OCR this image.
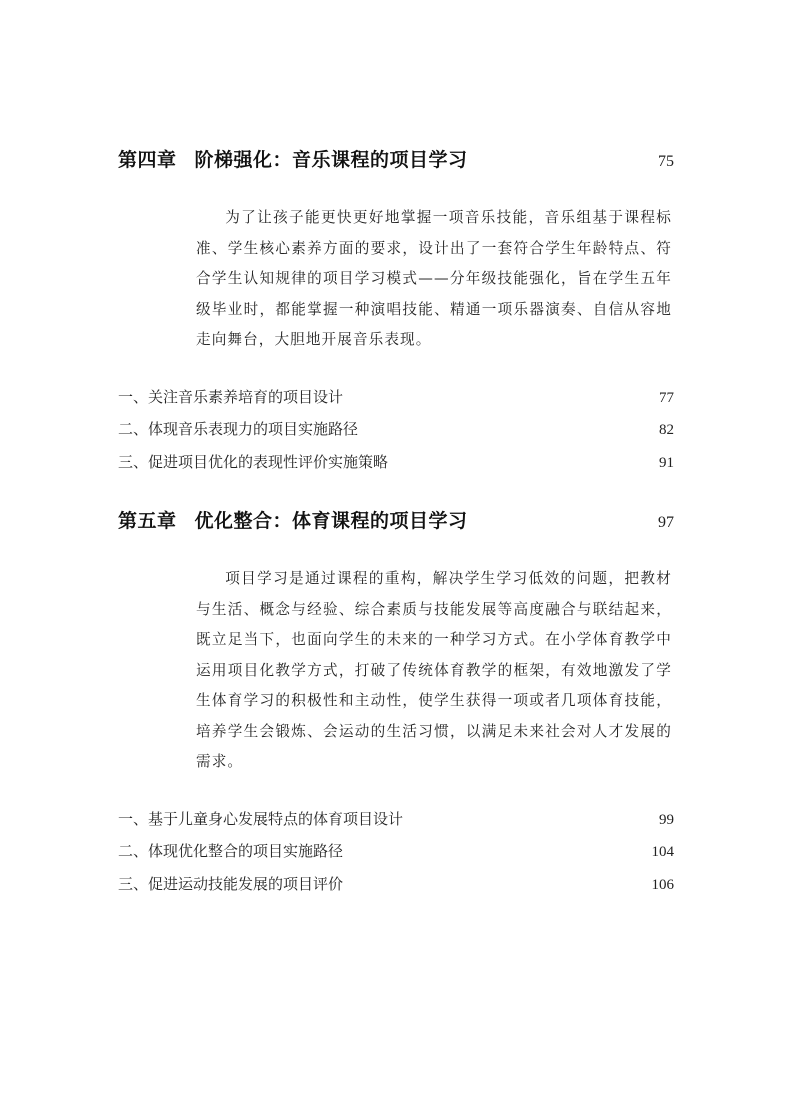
第四章 阶梯强化：音乐课程的项目学习	75

为了让孩子能更快更好地掌握一项音乐技能，音乐组基于课程标准、学生核心素养方面的要求，设计出了一套符合学生年龄特点、符合学生认知规律的项目学习模式——分年级技能强化，旨在学生五年级毕业时，都能掌握一种演唱技能、精通一项乐器演奏、自信从容地走向舞台，大胆地开展音乐表现。

一、关注音乐素养培育的项目设计	77
二、体现音乐表现力的项目实施路径	82
三、促进项目优化的表现性评价实施策略	91
第五章 优化整合：体育课程的项目学习	97

项目学习是通过课程的重构，解决学生学习低效的问题，把教材与生活、概念与经验、综合素质与技能发展等高度融合与联结起来，既立足当下，也面向学生的未来的一种学习方式。在小学体育教学中运用项目化教学方式，打破了传统体育教学的框架，有效地激发了学生体育学习的积极性和主动性，使学生获得一项或者几项体育技能，培养学生会锻炼、会运动的生活习惯，以满足未来社会对人才发展的需求。

一、基于儿童身心发展特点的体育项目设计	99
二、体现优化整合的项目实施路径	104
三、促进运动技能发展的项目评价	106
